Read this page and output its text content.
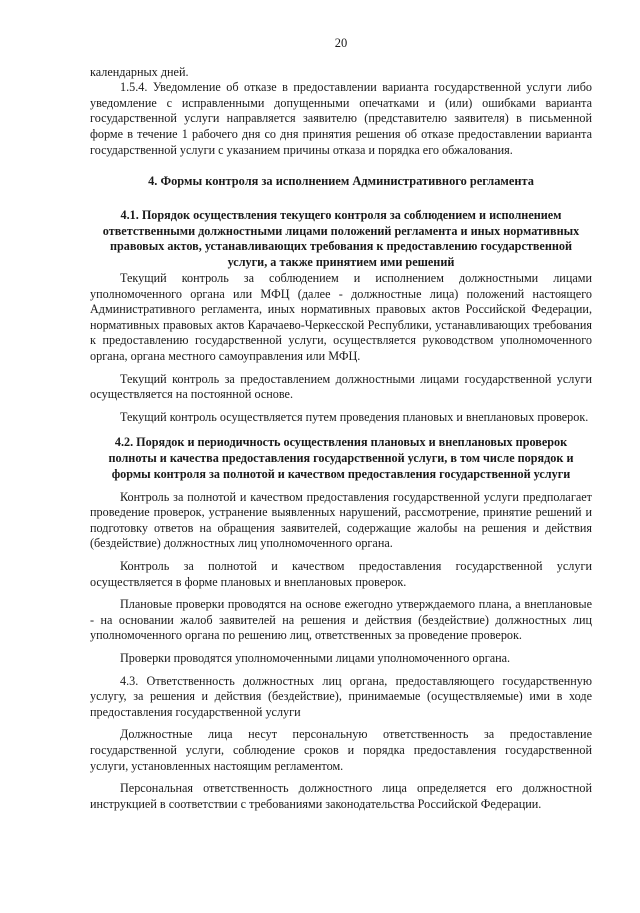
20

календарных дней.

1.5.4. Уведомление об отказе в предоставлении варианта государственной услуги либо уведомление с исправленными допущенными опечатками и (или) ошибками варианта государственной услуги направляется заявителю (представителю заявителя) в письменной форме в течение 1 рабочего дня со дня принятия решения об отказе предоставлении варианта государственной услуги с указанием причины отказа и порядка его обжалования.

4. Формы контроля за исполнением Административного регламента
4.1. Порядок осуществления текущего контроля за соблюдением и исполнением ответственными должностными лицами положений регламента и иных нормативных правовых актов, устанавливающих требования к предоставлению государственной услуги, а также принятием ими решений

Текущий контроль за соблюдением и исполнением должностными лицами уполномоченного органа или МФЦ (далее - должностные лица) положений настоящего Административного регламента, иных нормативных правовых актов Российской Федерации, нормативных правовых актов Карачаево-Черкесской Республики, устанавливающих требования к предоставлению государственной услуги, осуществляется руководством уполномоченного органа, органа местного самоуправления или МФЦ.

Текущий контроль за предоставлением должностными лицами государственной услуги осуществляется на постоянной основе.

Текущий контроль осуществляется путем проведения плановых и внеплановых проверок.

4.2. Порядок и периодичность осуществления плановых и внеплановых проверок полноты и качества предоставления государственной услуги, в том числе порядок и формы контроля за полнотой и качеством предоставления государственной услуги

Контроль за полнотой и качеством предоставления государственной услуги предполагает проведение проверок, устранение выявленных нарушений, рассмотрение, принятие решений и подготовку ответов на обращения заявителей, содержащие жалобы на решения и действия (бездействие) должностных лиц уполномоченного органа.

Контроль за полнотой и качеством предоставления государственной услуги осуществляется в форме плановых и внеплановых проверок.

Плановые проверки проводятся на основе ежегодно утверждаемого плана, а внеплановые - на основании жалоб заявителей на решения и действия (бездействие) должностных лиц уполномоченного органа по решению лиц, ответственных за проведение проверок.

Проверки проводятся уполномоченными лицами уполномоченного органа.

4.3. Ответственность должностных лиц органа, предоставляющего государственную услугу, за решения и действия (бездействие), принимаемые (осуществляемые) ими в ходе предоставления государственной услуги

Должностные лица несут персональную ответственность за предоставление государственной услуги, соблюдение сроков и порядка предоставления государственной услуги, установленных настоящим регламентом.

Персональная ответственность должностного лица определяется его должностной инструкцией в соответствии с требованиями законодательства Российской Федерации.
